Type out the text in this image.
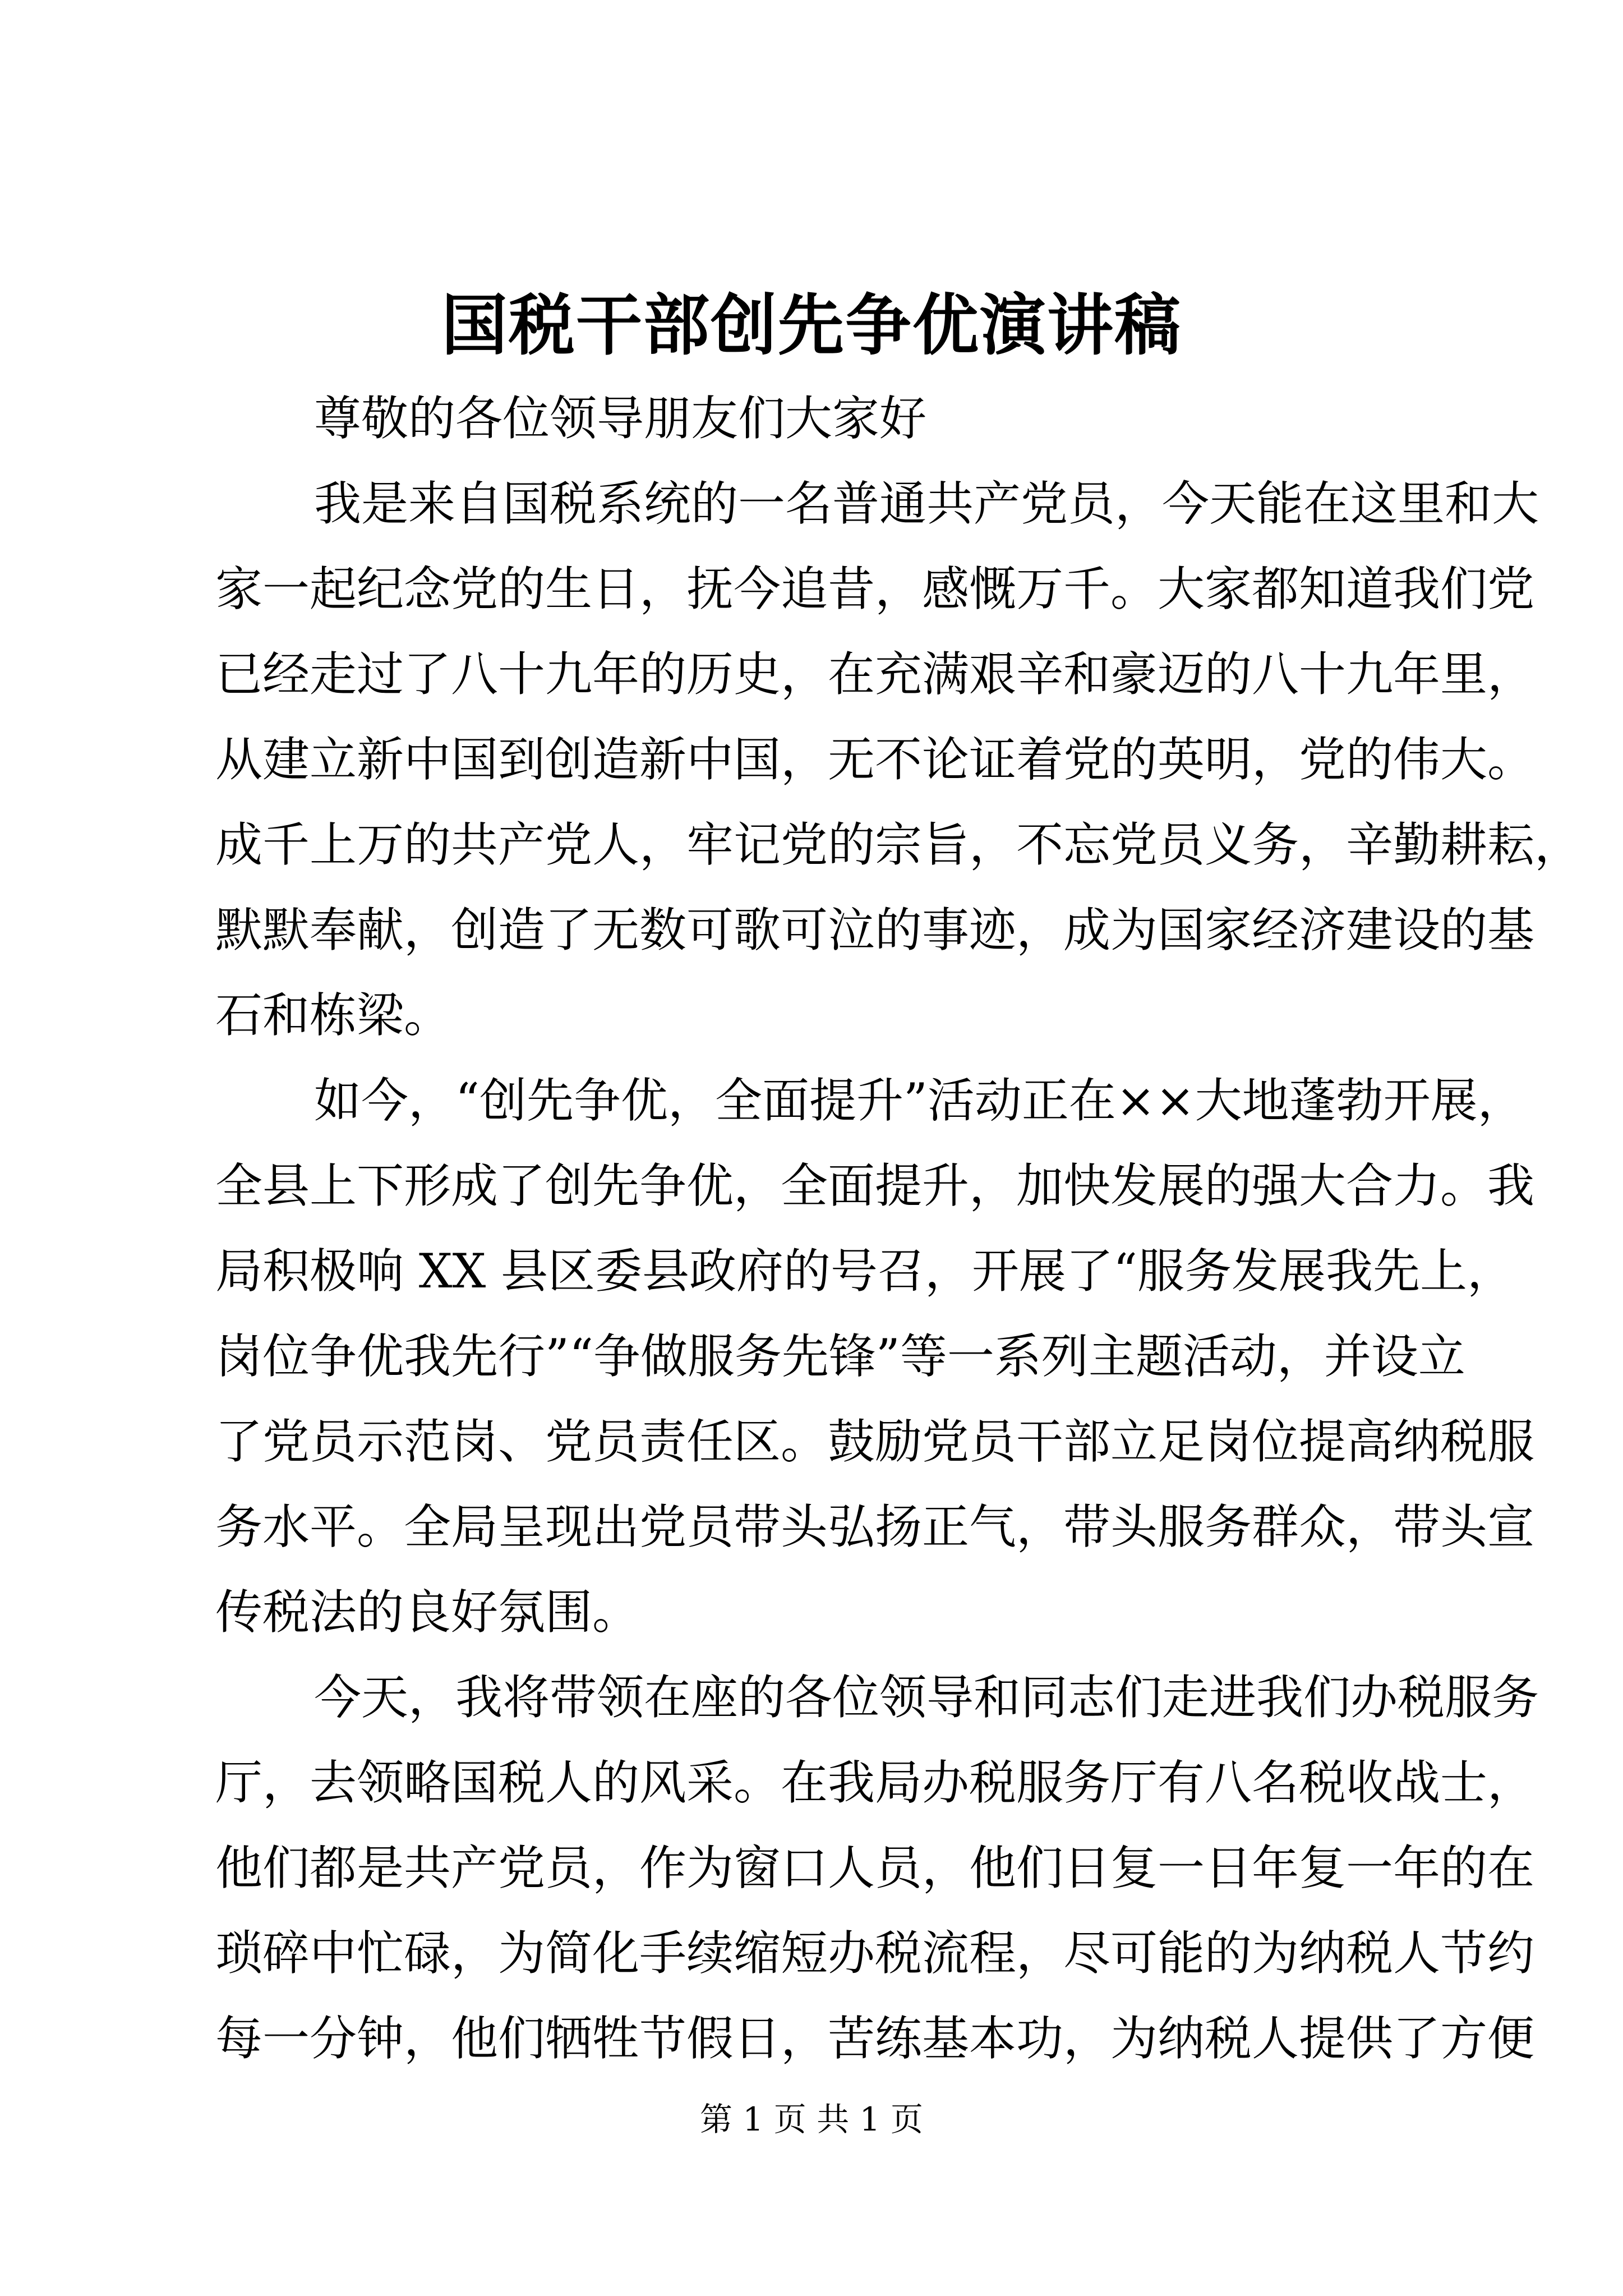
国税干部创先争优演讲稿
尊敬的各位领导朋友们大家好
我是来自国税系统的一名普通共产党员，今天能在这里和大
家一起纪念党的生日，抚今追昔，感慨万千。大家都知道我们党
已经走过了八十九年的历史，在充满艰辛和豪迈的八十九年里，
从建立新中国到创造新中国，无不论证着党的英明，党的伟大。
成千上万的共产党人，牢记党的宗旨，不忘党员义务，辛勤耕耘，
默默奉献，创造了无数可歌可泣的事迹，成为国家经济建设的基
石和栋梁。
如今，“创先争优，全面提升”活动正在××大地蓬勃开展，
全县上下形成了创先争优，全面提升，加快发展的强大合力。我
局积极响 XX 县区委县政府的号召，开展了“服务发展我先上，
岗位争优我先行”“争做服务先锋”等一系列主题活动，并设立
了党员示范岗、党员责任区。鼓励党员干部立足岗位提高纳税服
务水平。全局呈现出党员带头弘扬正气，带头服务群众，带头宣
传税法的良好氛围。
今天，我将带领在座的各位领导和同志们走进我们办税服务
厅，去领略国税人的风采。在我局办税服务厅有八名税收战士，
他们都是共产党员，作为窗口人员，他们日复一日年复一年的在
琐碎中忙碌，为简化手续缩短办税流程，尽可能的为纳税人节约
每一分钟，他们牺牲节假日，苦练基本功，为纳税人提供了方便
第 1 页 共 1 页
